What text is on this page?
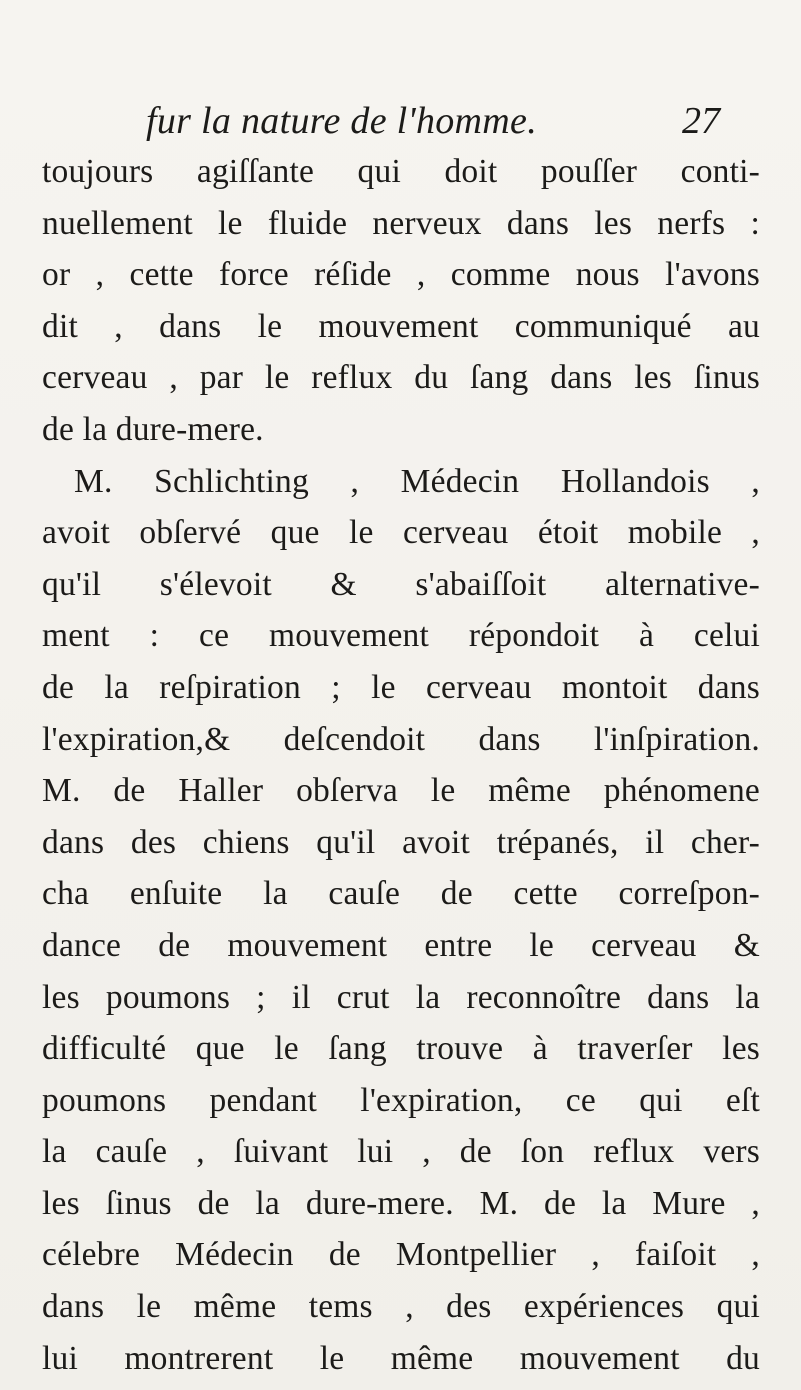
fur la nature de l'homme.	27
toujours agiſſante qui doit pouſſer conti-
nuellement le fluide nerveux dans les nerfs :
or , cette force réſide , comme nous l'avons
dit , dans le mouvement communiqué au
cerveau , par le reflux du ſang dans les ſinus
de la dure-mere.
M. Schlichting , Médecin Hollandois ,
avoit obſervé que le cerveau étoit mobile ,
qu'il s'élevoit & s'abaiſſoit alternative-
ment : ce mouvement répondoit à celui
de la reſpiration ; le cerveau montoit dans
l'expiration,& deſcendoit dans l'inſpiration.
M. de Haller obſerva le même phénomene
dans des chiens qu'il avoit trépanés, il cher-
cha enſuite la cauſe de cette correſpon-
dance de mouvement entre le cerveau &
les poumons ; il crut la reconnoître dans la
difficulté que le ſang trouve à traverſer les
poumons pendant l'expiration, ce qui eſt
la cauſe , ſuivant lui , de ſon reflux vers
les ſinus de la dure-mere. M. de la Mure ,
célebre Médecin de Montpellier , faiſoit ,
dans le même tems , des expériences qui
lui montrerent le même mouvement du
